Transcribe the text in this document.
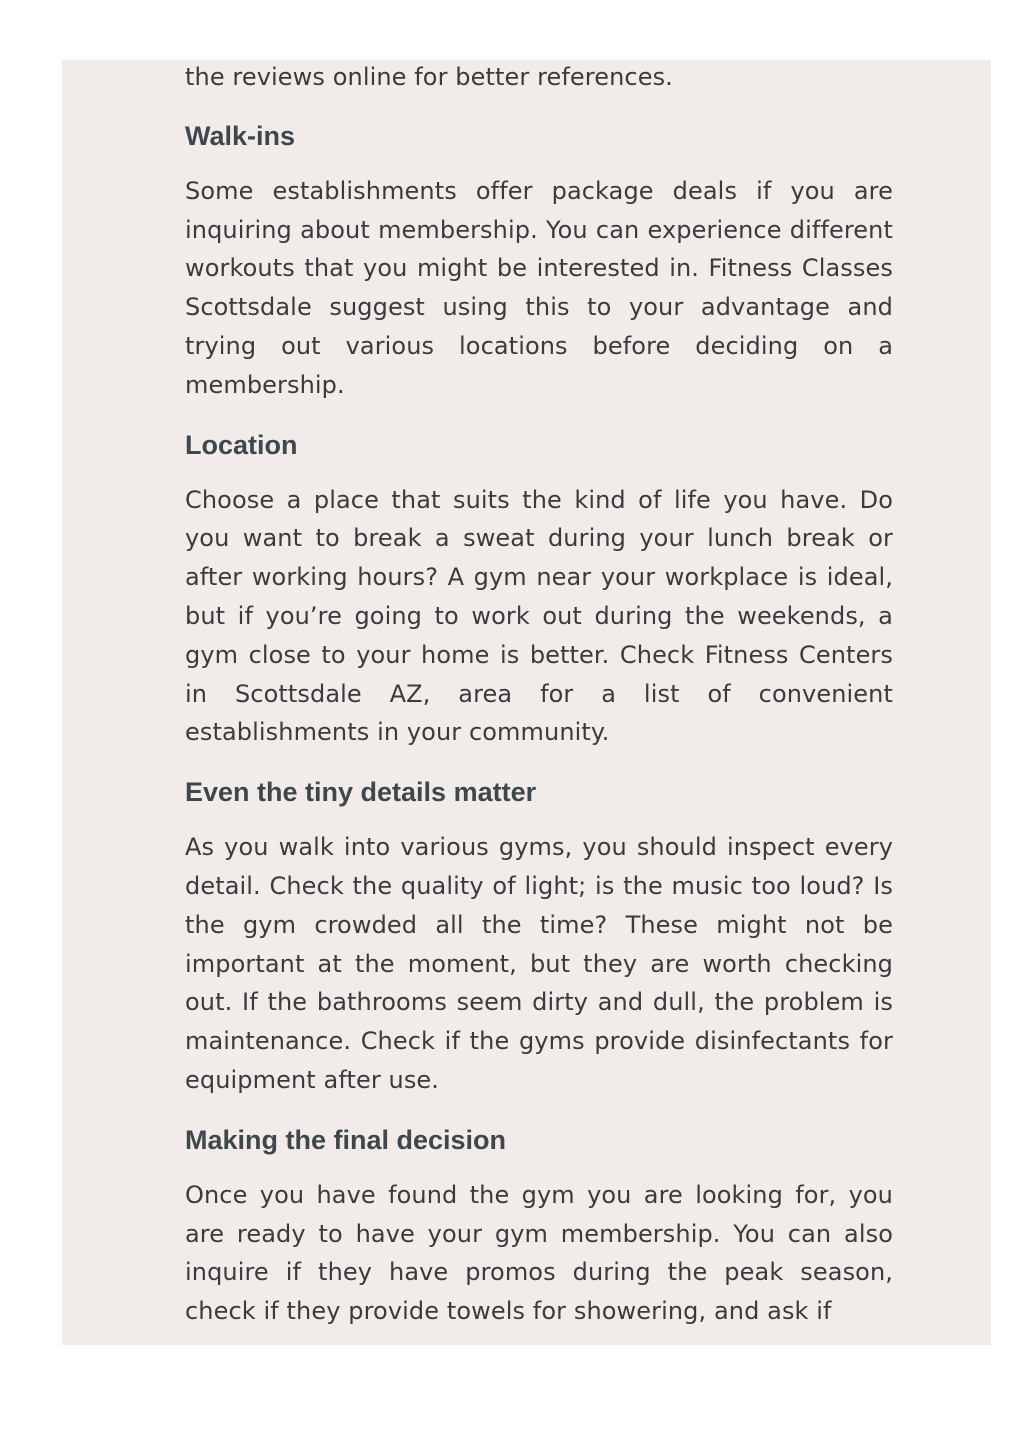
the reviews online for better references.

Walk-ins

Some establishments offer package deals if you are inquiring about membership. You can experience different workouts that you might be interested in. Fitness Classes Scottsdale suggest using this to your advantage and trying out various locations before deciding on a membership.

Location

Choose a place that suits the kind of life you have. Do you want to break a sweat during your lunch break or after working hours? A gym near your workplace is ideal, but if you’re going to work out during the weekends, a gym close to your home is better. Check Fitness Centers in Scottsdale AZ, area for a list of convenient establishments in your community.

Even the tiny details matter

As you walk into various gyms, you should inspect every detail. Check the quality of light; is the music too loud? Is the gym crowded all the time? These might not be important at the moment, but they are worth checking out. If the bathrooms seem dirty and dull, the problem is maintenance. Check if the gyms provide disinfectants for equipment after use.

Making the final decision

Once you have found the gym you are looking for, you are ready to have your gym membership. You can also inquire if they have promos during the peak season, check if they provide towels for showering, and ask if
